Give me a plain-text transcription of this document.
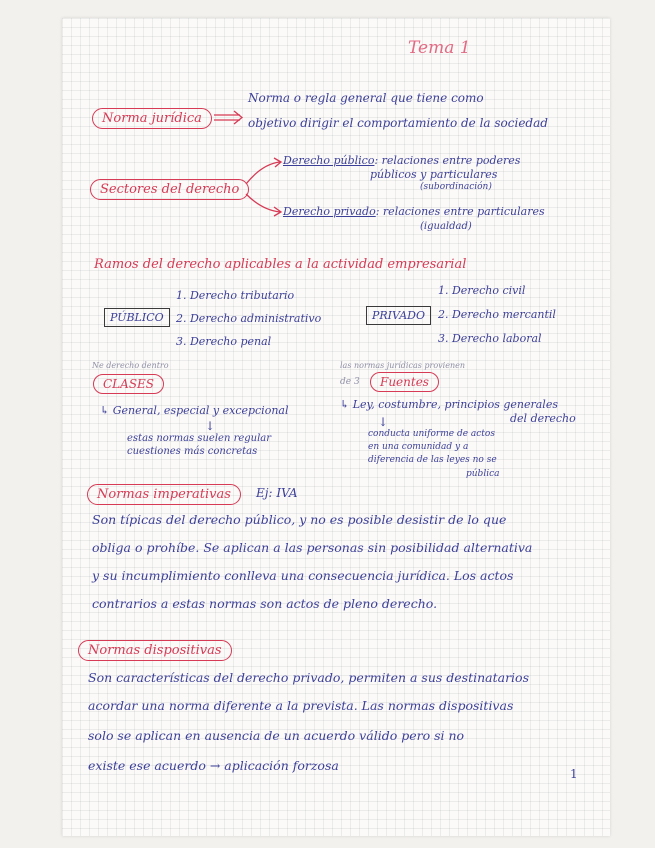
Tema 1
Norma jurídica
Norma o regla general que tiene como
objetivo dirigir el comportamiento de la sociedad
Sectores del derecho
Derecho público: relaciones entre poderes
públicos y particulares
(subordinación)
Derecho privado: relaciones entre particulares
(igualdad)
Ramos del derecho aplicables a la actividad empresarial
PÚBLICO
1. Derecho tributario
2. Derecho administrativo
3. Derecho penal
PRIVADO
1. Derecho civil
2. Derecho mercantil
3. Derecho laboral
Ne derecho dentro
CLASES
↳ General, especial y excepcional
↓
estas normas suelen regular
cuestiones más concretas
las normas jurídicas provienen
de 3	Fuentes
↳ Ley, costumbre, principios generales
del derecho
↓
conducta uniforme de actos
en una comunidad y a
diferencia de las leyes no se
pública
Normas imperativas	Ej: IVA
Son típicas del derecho público, y no es posible desistir de lo que
obliga o prohíbe. Se aplican a las personas sin posibilidad alternativa
y su incumplimiento conlleva una consecuencia jurídica. Los actos
contrarios a estas normas son actos de pleno derecho.
Normas dispositivas
Son características del derecho privado, permiten a sus destinatarios
acordar una norma diferente a la prevista. Las normas dispositivas
solo se aplican en ausencia de un acuerdo válido pero si no
existe ese acuerdo → aplicación forzosa
1
